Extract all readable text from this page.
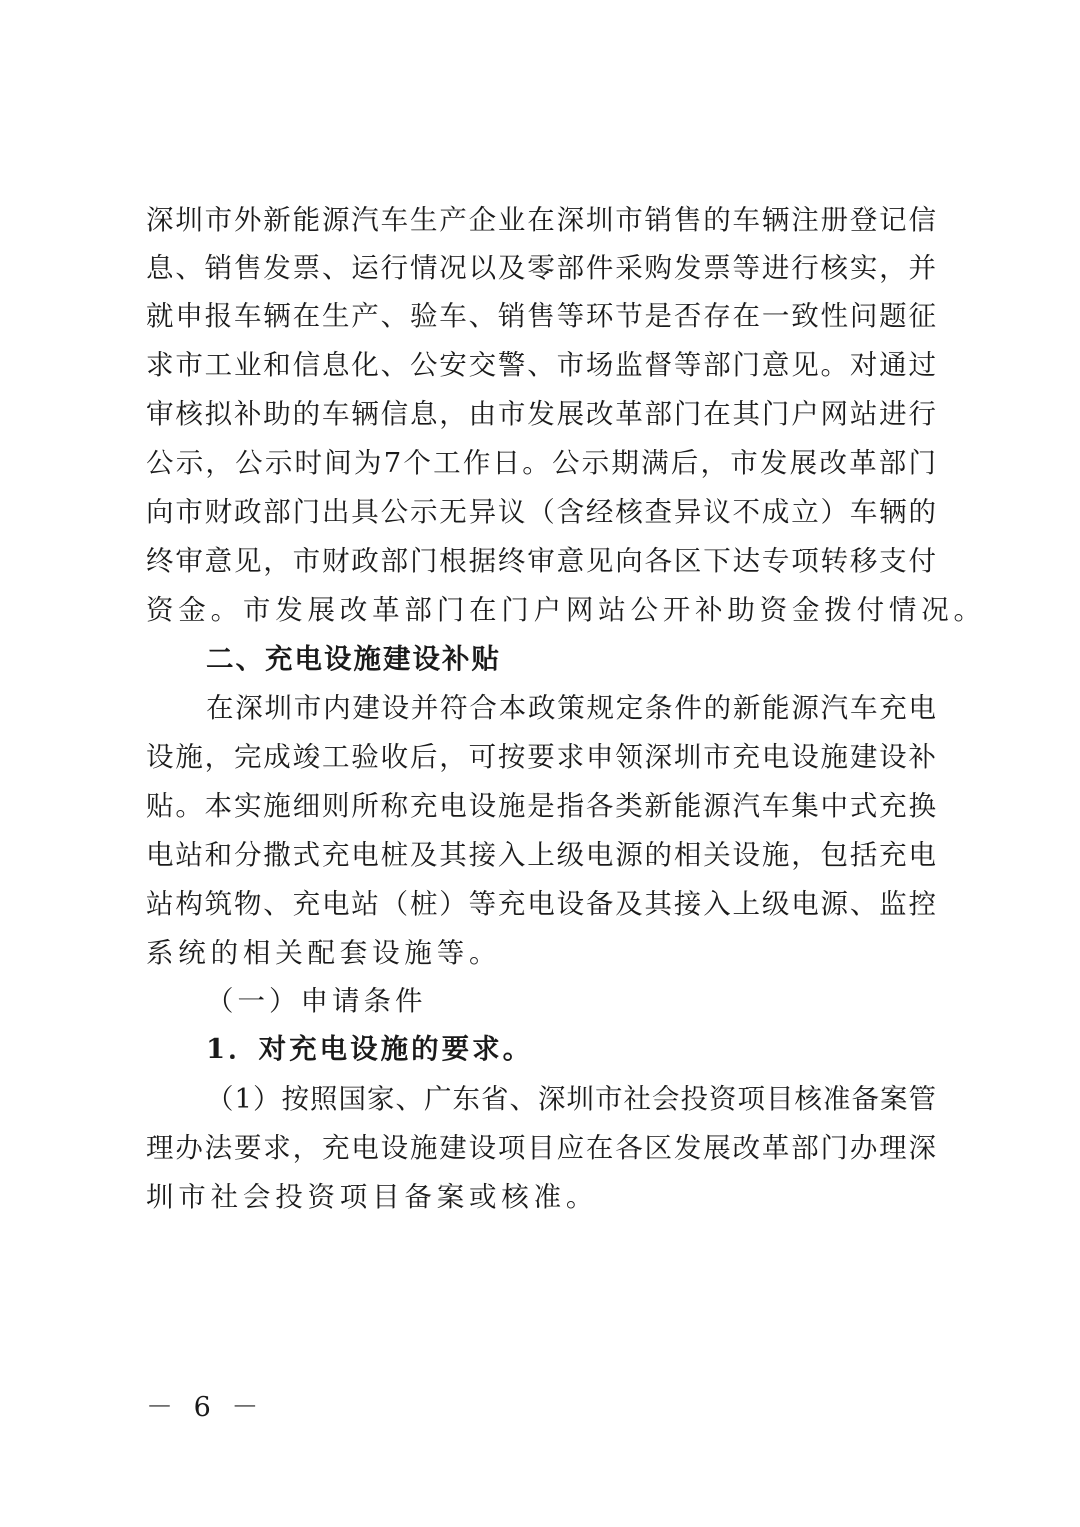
深圳市外新能源汽车生产企业在深圳市销售的车辆注册登记信
息、销售发票、运行情况以及零部件采购发票等进行核实，并
就申报车辆在生产、验车、销售等环节是否存在一致性问题征
求市工业和信息化、公安交警、市场监督等部门意见。对通过
审核拟补助的车辆信息，由市发展改革部门在其门户网站进行
公示，公示时间为7个工作日。公示期满后，市发展改革部门
向市财政部门出具公示无异议（含经核查异议不成立）车辆的
终审意见，市财政部门根据终审意见向各区下达专项转移支付
资金。市发展改革部门在门户网站公开补助资金拨付情况。
二、充电设施建设补贴
在深圳市内建设并符合本政策规定条件的新能源汽车充电
设施，完成竣工验收后，可按要求申领深圳市充电设施建设补
贴。本实施细则所称充电设施是指各类新能源汽车集中式充换
电站和分撒式充电桩及其接入上级电源的相关设施，包括充电
站构筑物、充电站（桩）等充电设备及其接入上级电源、监控
系统的相关配套设施等。
（一）申请条件
1．对充电设施的要求。
（1）按照国家、广东省、深圳市社会投资项目核准备案管
理办法要求，充电设施建设项目应在各区发展改革部门办理深
圳市社会投资项目备案或核准。
－ 6 －
